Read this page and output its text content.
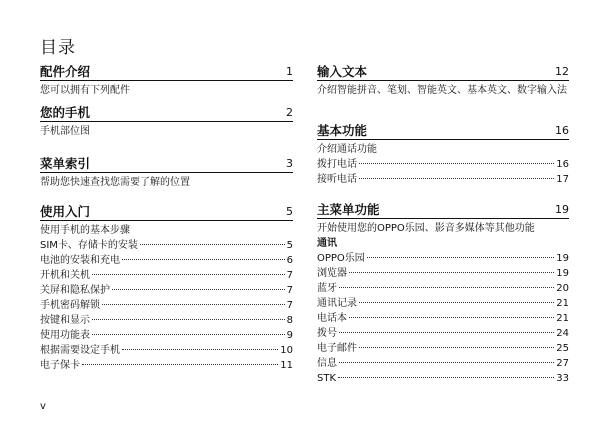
目录
配件介绍	1
您可以拥有下列配件
您的手机	2
手机部位图
菜单索引	3
帮助您快速查找您需要了解的位置
使用入门	5
使用手机的基本步骤
SIM卡、存储卡的安装	5
电池的安装和充电	6
开机和关机	7
关屏和隐私保护	7
手机密码解锁	7
按键和显示	8
使用功能表	9
根据需要设定手机	10
电子保卡	11
输入文本	12
介绍智能拼音、笔划、智能英文、基本英文、数字输入法
基本功能	16
介绍通话功能
拨打电话	16
接听电话	17
主菜单功能	19
开始使用您的OPPO乐园、影音多媒体等其他功能
通讯
OPPO乐园	19
浏览器	19
蓝牙	20
通讯记录	21
电话本	21
拨号	24
电子邮件	25
信息	27
STK	33
v
